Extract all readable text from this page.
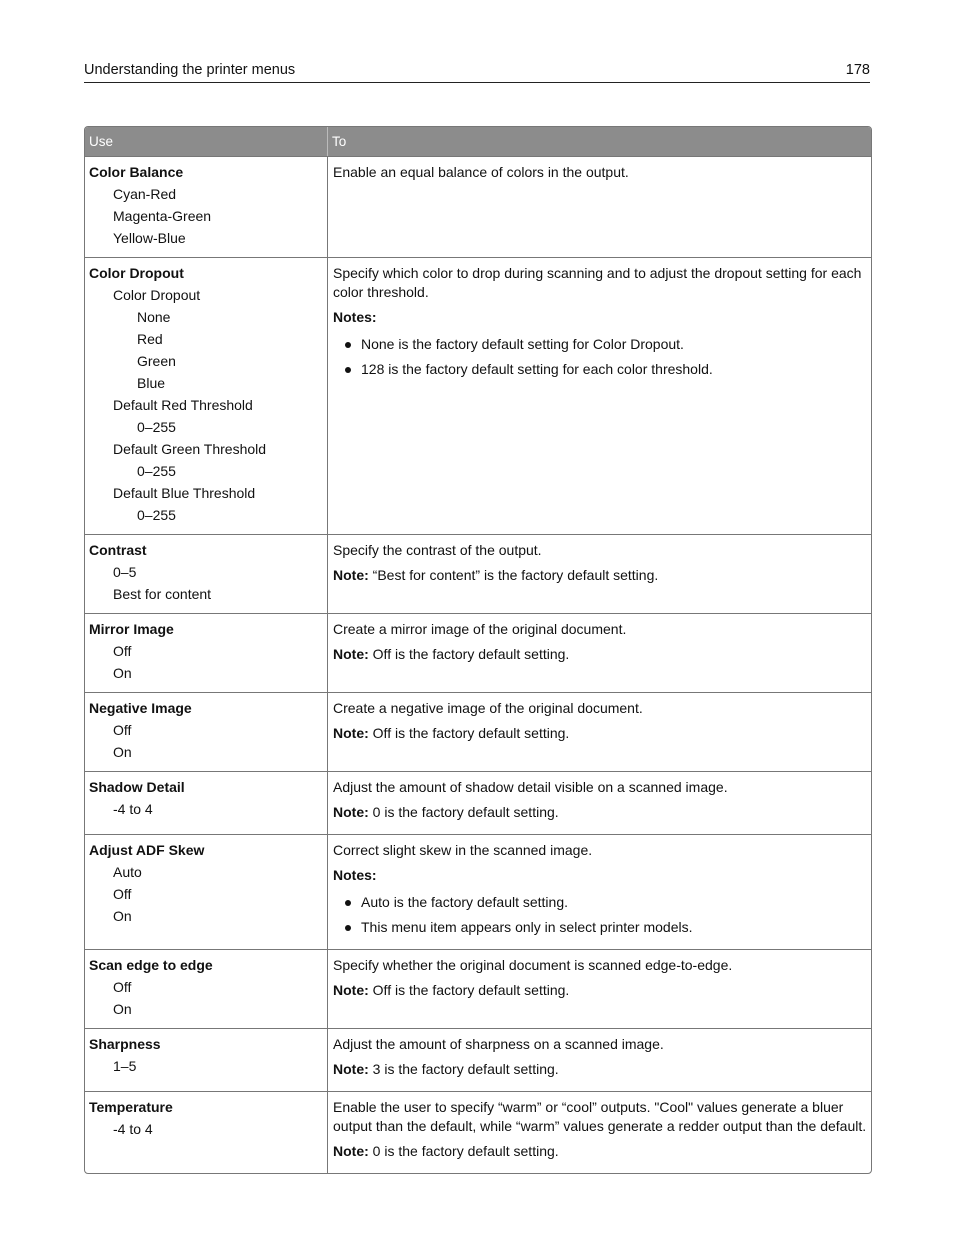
Understanding the printer menus	178
Use	To
Color Balance
Cyan-Red
Magenta-Green
Yellow-Blue
Enable an equal balance of colors in the output.
Color Dropout
Color Dropout
None
Red
Green
Blue
Default Red Threshold
0–255
Default Green Threshold
0–255
Default Blue Threshold
0–255
Specify which color to drop during scanning and to adjust the dropout setting for each color threshold.
Notes:
None is the factory default setting for Color Dropout.
128 is the factory default setting for each color threshold.
Contrast
0–5
Best for content
Specify the contrast of the output.
Note: “Best for content” is the factory default setting.
Mirror Image
Off
On
Create a mirror image of the original document.
Note: Off is the factory default setting.
Negative Image
Off
On
Create a negative image of the original document.
Note: Off is the factory default setting.
Shadow Detail
-4 to 4
Adjust the amount of shadow detail visible on a scanned image.
Note: 0 is the factory default setting.
Adjust ADF Skew
Auto
Off
On
Correct slight skew in the scanned image.
Notes:
Auto is the factory default setting.
This menu item appears only in select printer models.
Scan edge to edge
Off
On
Specify whether the original document is scanned edge-to-edge.
Note: Off is the factory default setting.
Sharpness
1–5
Adjust the amount of sharpness on a scanned image.
Note: 3 is the factory default setting.
Temperature
-4 to 4
Enable the user to specify “warm” or “cool” outputs. "Cool" values generate a bluer output than the default, while “warm” values generate a redder output than the default.
Note: 0 is the factory default setting.
